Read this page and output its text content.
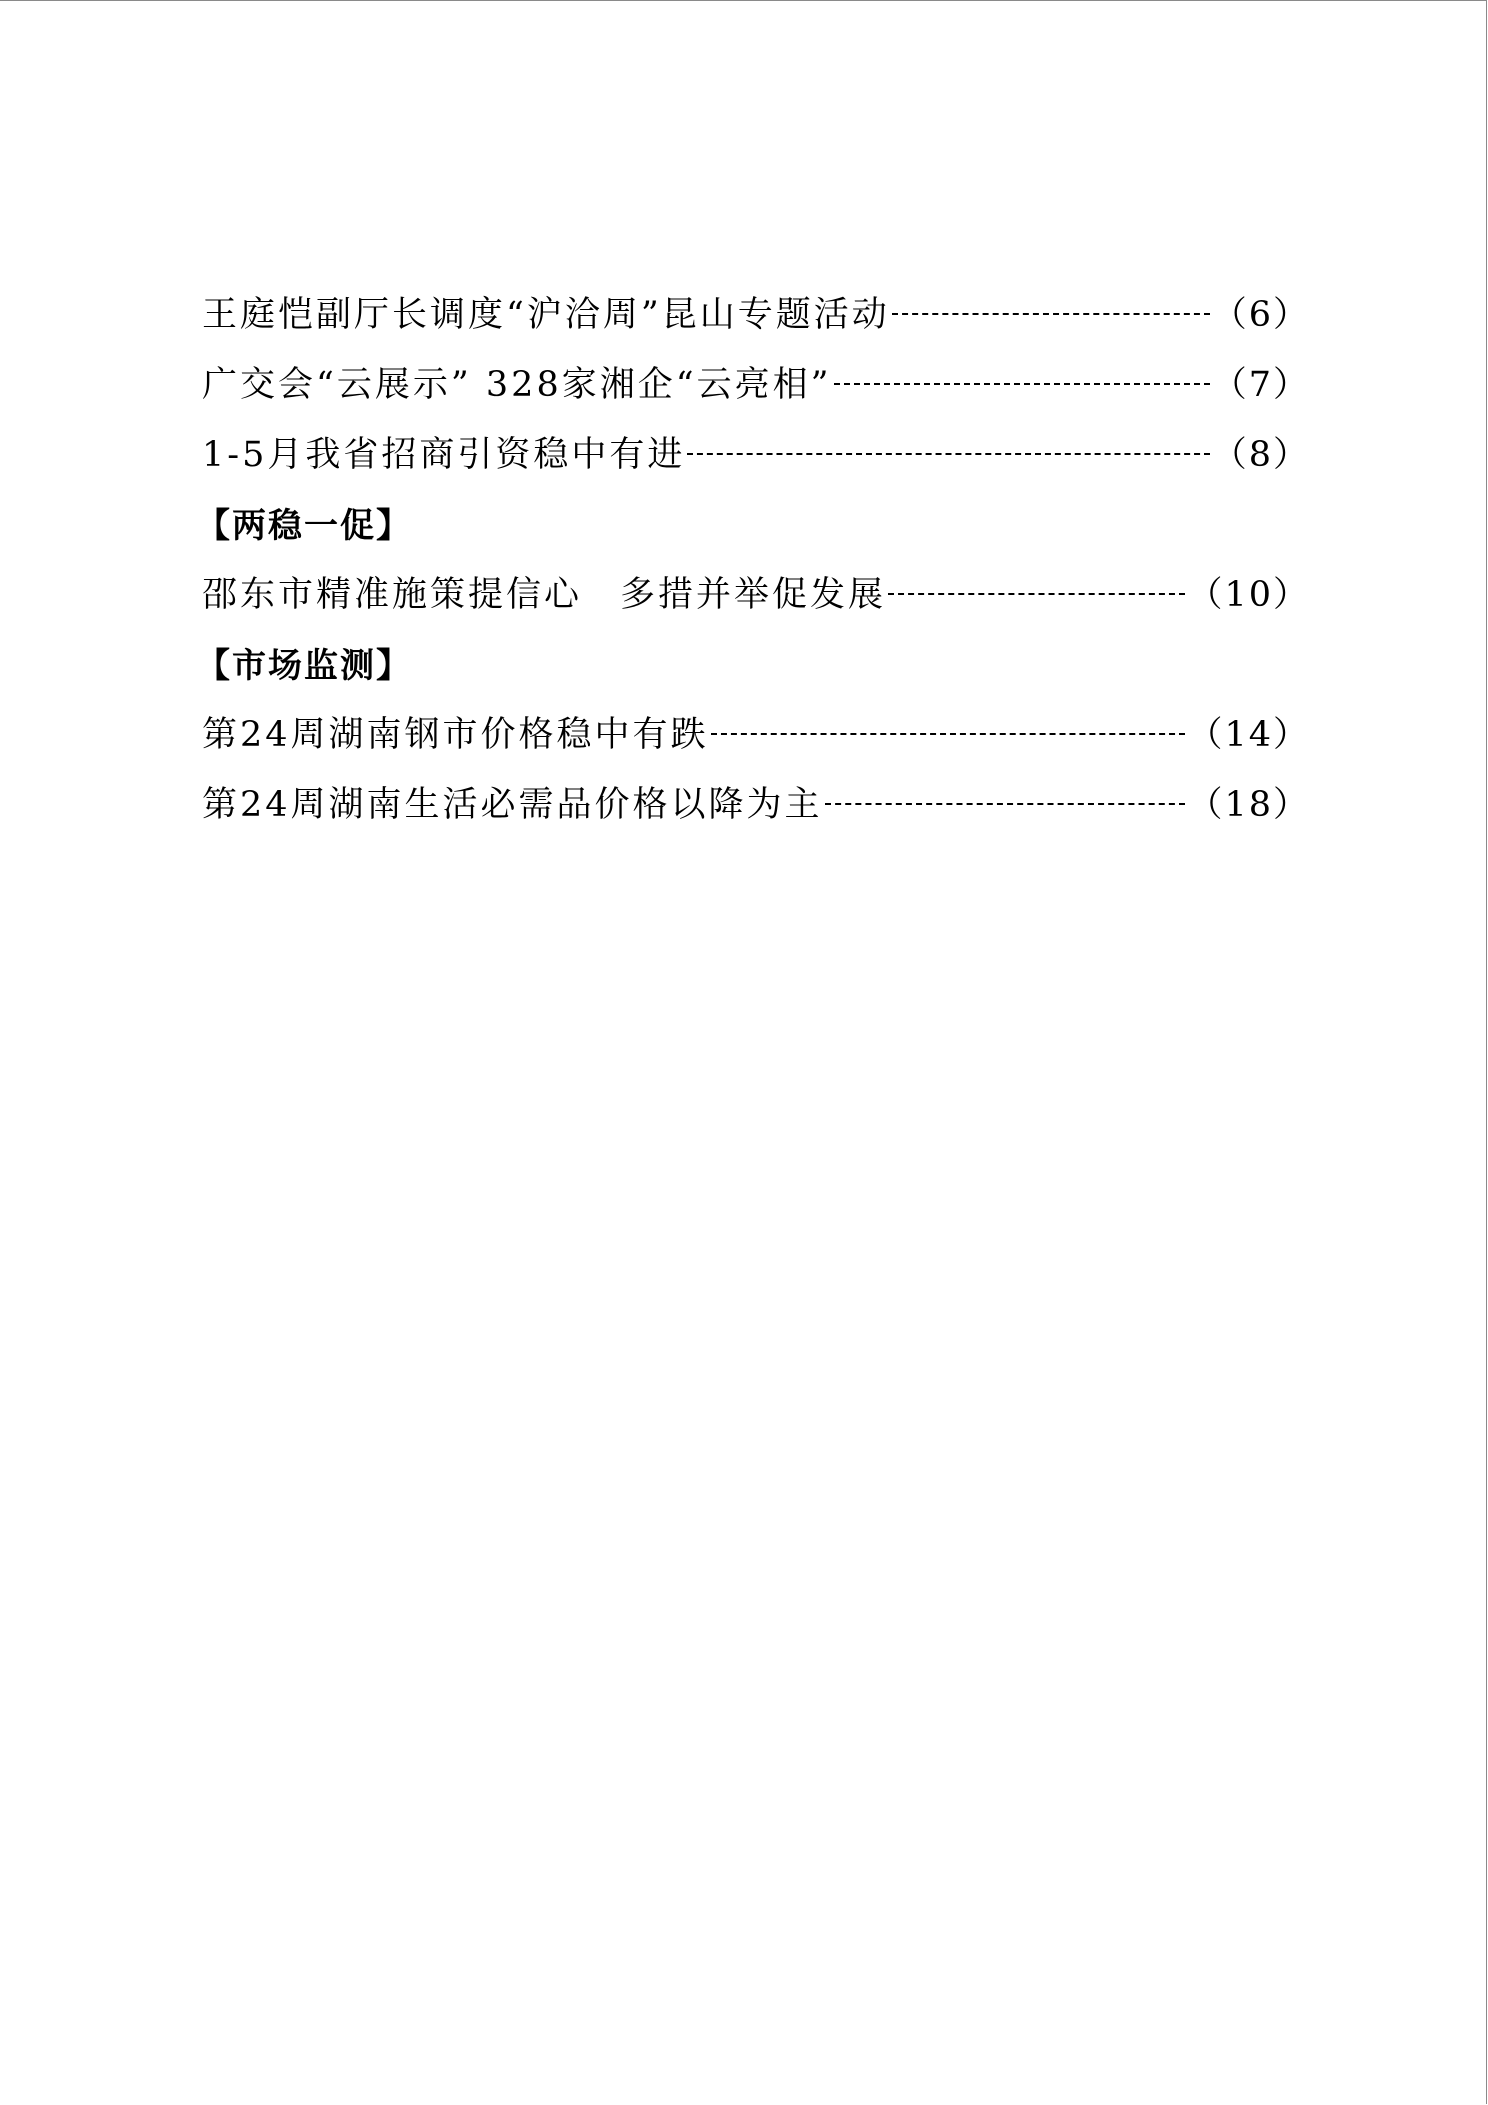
王庭恺副厅长调度“沪洽周”昆山专题活动	（6）
广交会“云展示” 328家湘企“云亮相”	（7）
1-5月我省招商引资稳中有进	（8）
【两稳一促】
邵东市精准施策提信心　多措并举促发展	（10）
【市场监测】
第24周湖南钢市价格稳中有跌	（14）
第24周湖南生活必需品价格以降为主	（18）
